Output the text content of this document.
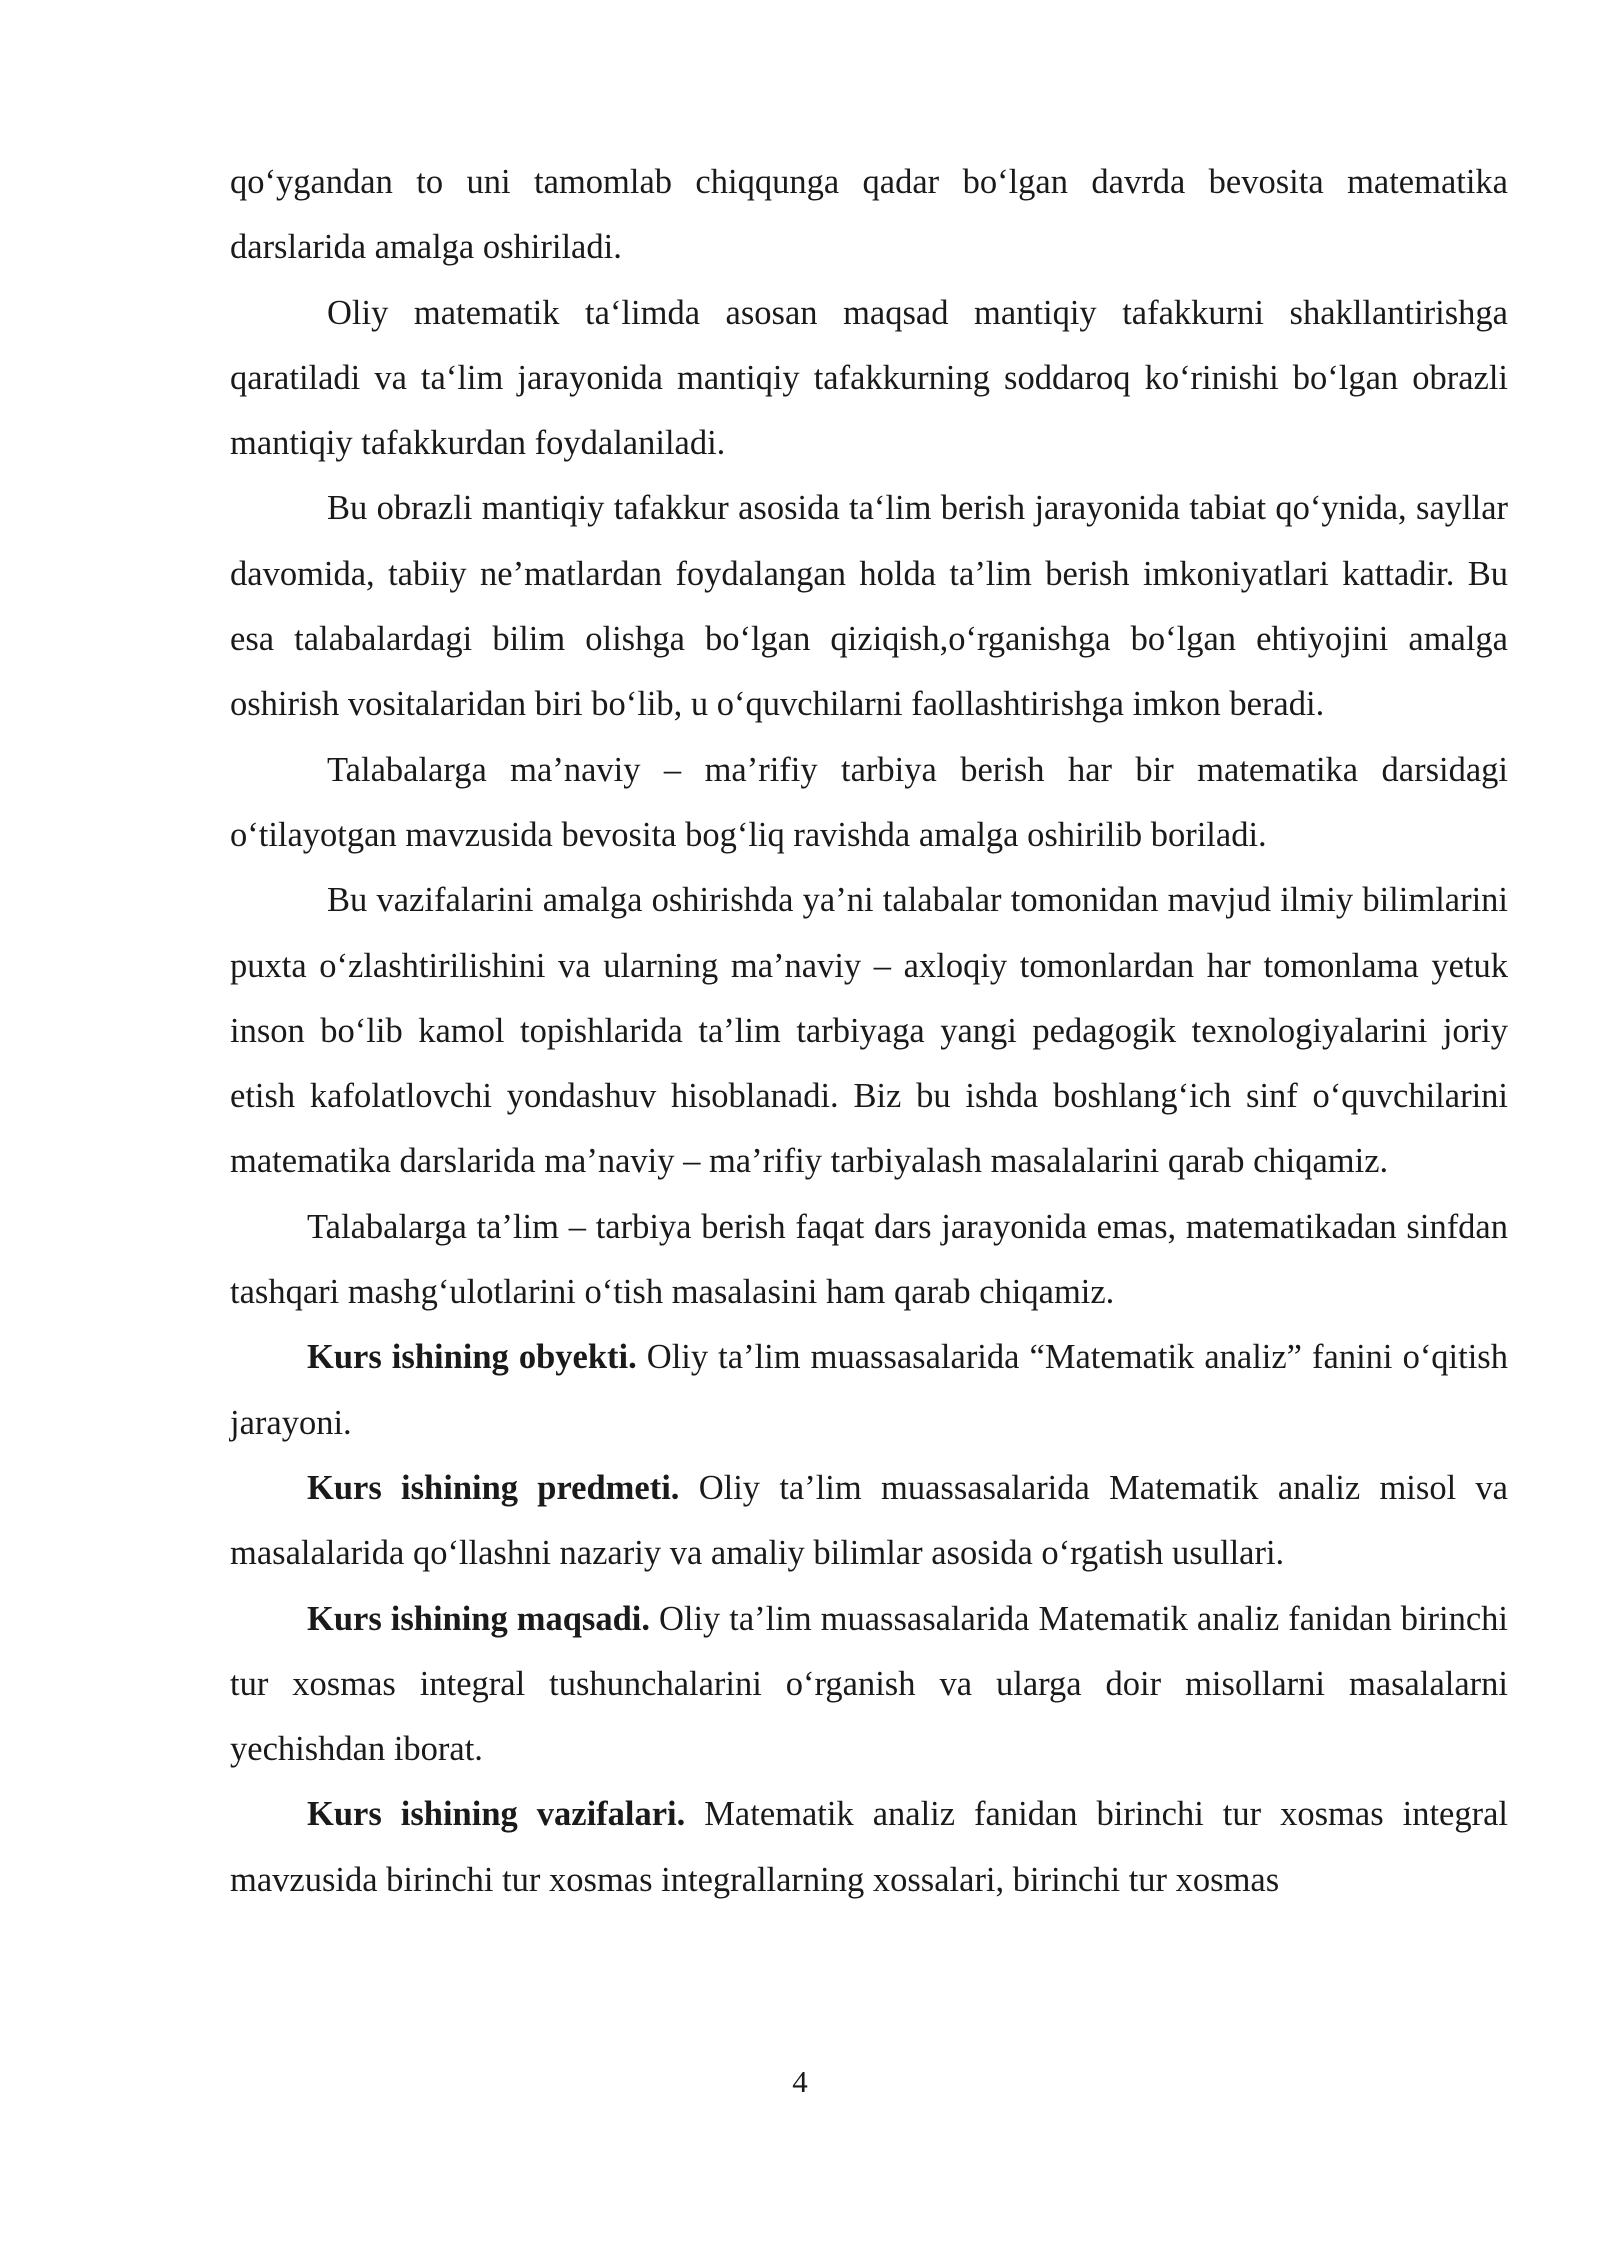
qo‘ygandan to uni tamomlab chiqqunga qadar bo‘lgan davrda bevosita matematika darslarida amalga oshiriladi.

Oliy matematik ta‘limda asosan maqsad mantiqiy tafakkurni shakllantirishga qaratiladi va ta‘lim jarayonida mantiqiy tafakkurning soddaroq ko‘rinishi bo‘lgan obrazli mantiqiy tafakkurdan foydalaniladi.

Bu obrazli mantiqiy tafakkur asosida ta‘lim berish jarayonida tabiat qo‘ynida, sayllar davomida, tabiiy ne’matlardan foydalangan holda ta’lim berish imkoniyatlari kattadir. Bu esa talabalardagi bilim olishga bo‘lgan qiziqish,o‘rganishga bo‘lgan ehtiyojini amalga oshirish vositalaridan biri bo‘lib, u o‘quvchilarni faollashtirishga imkon beradi.

Talabalarga ma’naviy – ma’rifiy tarbiya berish har bir matematika darsidagi o‘tilayotgan mavzusida bevosita bog‘liq ravishda amalga oshirilib boriladi.

Bu vazifalarini amalga oshirishda ya’ni talabalar tomonidan mavjud ilmiy bilimlarini puxta o‘zlashtirilishini va ularning ma’naviy – axloqiy tomonlardan har tomonlama yetuk inson bo‘lib kamol topishlarida ta’lim tarbiyaga yangi pedagogik texnologiyalarini joriy etish kafolatlovchi yondashuv hisoblanadi. Biz bu ishda boshlang‘ich sinf o‘quvchilarini matematika darslarida ma’naviy – ma’rifiy tarbiyalash masalalarini qarab chiqamiz.

Talabalarga ta’lim – tarbiya berish faqat dars jarayonida emas, matematikadan sinfdan tashqari mashg‘ulotlarini o‘tish masalasini ham qarab chiqamiz.

Kurs ishining obyekti. Oliy ta’lim muassasalarida “Matematik analiz” fanini o‘qitish jarayoni.

Kurs ishining predmeti. Oliy ta’lim muassasalarida Matematik analiz misol va masalalarida qo‘llashni nazariy va amaliy bilimlar asosida o‘rgatish usullari.

Kurs ishining maqsadi. Oliy ta’lim muassasalarida Matematik analiz fanidan birinchi tur xosmas integral tushunchalarini o‘rganish va ularga doir misollarni masalalarni yechishdan iborat.

Kurs ishining vazifalari. Matematik analiz fanidan birinchi tur xosmas integral mavzusida birinchi tur xosmas integrallarning xossalari, birinchi tur xosmas

4
